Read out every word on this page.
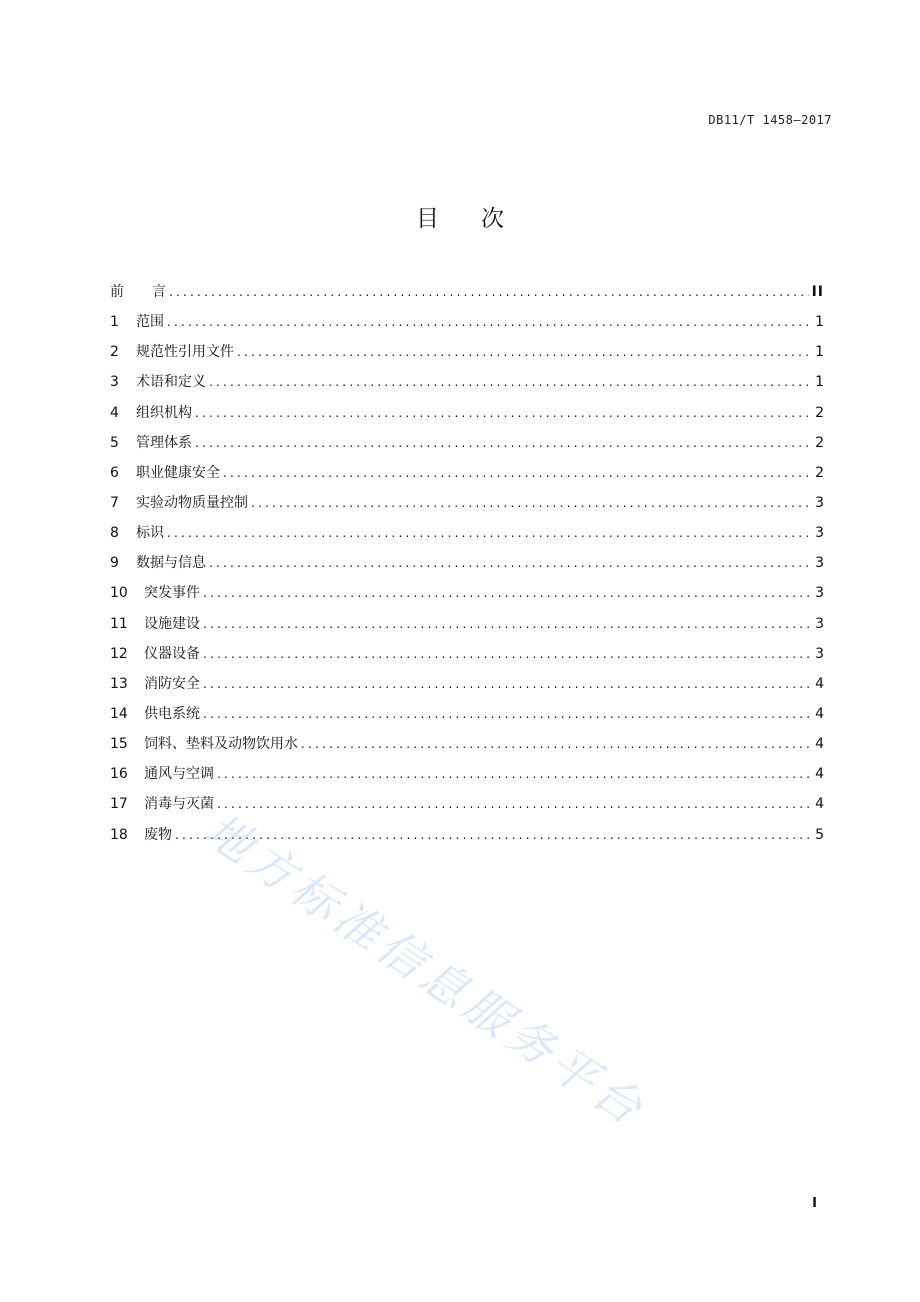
DB11/T 1458—2017
目 次
前　　言 .....	II
1	范围 .....	1
2	规范性引用文件 .....	1
3	术语和定义 .....	1
4	组织机构 .....	2
5	管理体系 .....	2
6	职业健康安全 .....	2
7	实验动物质量控制 .....	3
8	标识 .....	3
9	数据与信息 .....	3
10	突发事件 .....	3
11	设施建设 .....	3
12	仪器设备 .....	3
13	消防安全 .....	4
14	供电系统 .....	4
15	饲料、垫料及动物饮用水 .....	4
16	通风与空调 .....	4
17	消毒与灭菌 .....	4
18	废物 .....	5
I
地方标准信息服务平台
